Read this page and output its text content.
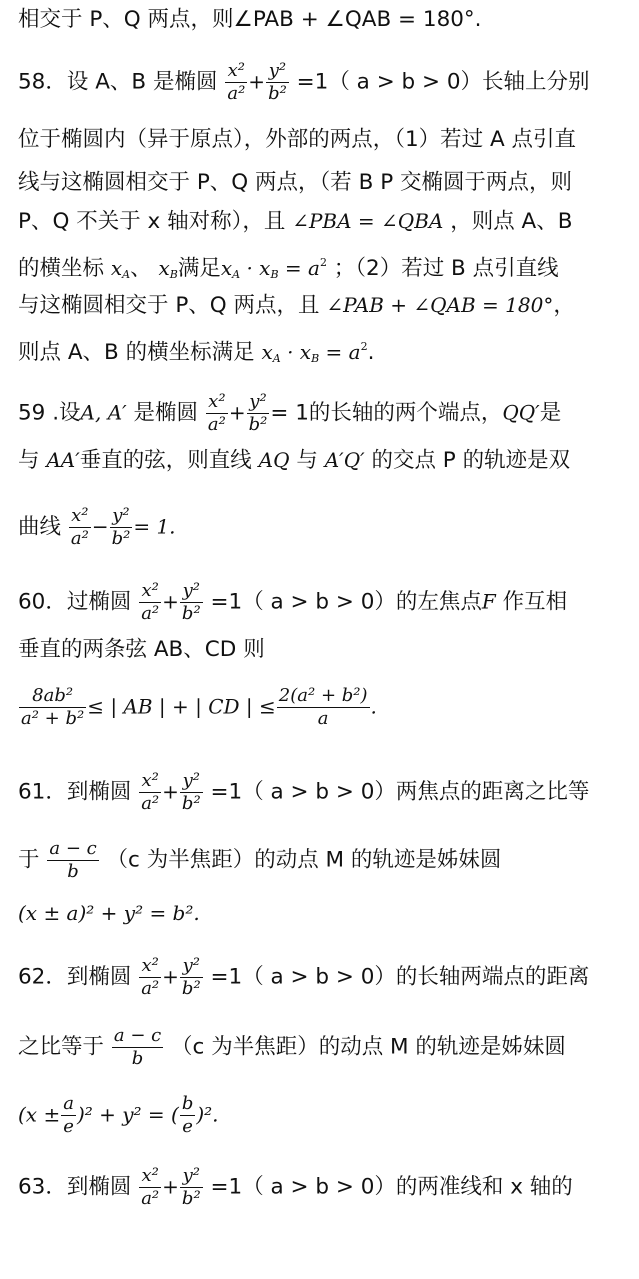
相交于 P、Q 两点，则∠PAB + ∠QAB = 180°.
58．设 A、B 是椭圆 $\frac{\text{x²}}{\text{a²}} + \frac{\text{y²}}{\text{b²}} =1$（ a > b > 0）长轴上分别
位于椭圆内（异于原点），外部的两点，（1）若过 A 点引直
线与这椭圆相交于 P、Q 两点，（若 B P 交椭圆于两点，则
P、Q 不关于 x 轴对称），且 ∠PBA = ∠QBA ，则点 A、B
的横坐标 $x_A$、 $x_B$满足$x_A \cdot x_B = a^2$ ；（2）若过 B 点引直线
与这椭圆相交于 P、Q 两点，且 ∠PAB + ∠QAB = 180°，
则点 A、B 的横坐标满足 $x_A \cdot x_B = a^2$.
59 .设A, A′ 是椭圆 $\frac{\text{x²}}{\text{a²}} + \frac{\text{y²}}{\text{b²}} = 1$的长轴的两个端点，QQ′是
与 AA′垂直的弦，则直线 AQ 与 A′Q′ 的交点 P 的轨迹是双
曲线 $\frac{\text{x²}}{\text{a²}} - \frac{\text{y²}}{\text{b²}} = 1$.
60．过椭圆 $\frac{\text{x²}}{\text{a²}} + \frac{\text{y²}}{\text{b²}} =1$（ a > b > 0）的左焦点F 作互相
垂直的两条弦 AB、CD 则
$\frac{\text{8ab²}}{\text{a² + b²}}$ ≤ | AB | + | CD | ≤ $\frac{\text{2(a² + b²)}}{a}$ .
61．到椭圆 $\frac{\text{x²}}{\text{a²}} + \frac{\text{y²}}{\text{b²}} =1$（ a > b > 0）两焦点的距离之比等
于 $\frac{a - c}{b} (c$ 为半焦距）的动点 M 的轨迹是姊妹圆
(x ± a)² + y² = b².
62．到椭圆 $\frac{\text{x²}}{\text{a²}} + \frac{\text{y²}}{\text{b²}} =1$（ a > b > 0）的长轴两端点的距离
之比等于 $\frac{a - c}{b} (c$ 为半焦距）的动点 M 的轨迹是姊妹圆
$(x \pm \frac{a}{e} )^2 + y^2$ = ( $\frac{b}{e} )^2$.
63．到椭圆 $\frac{\text{x²}}{\text{a²}} + \frac{\text{y²}}{\text{b²}} =1$（ a > b > 0）的两准线和 x 轴的
